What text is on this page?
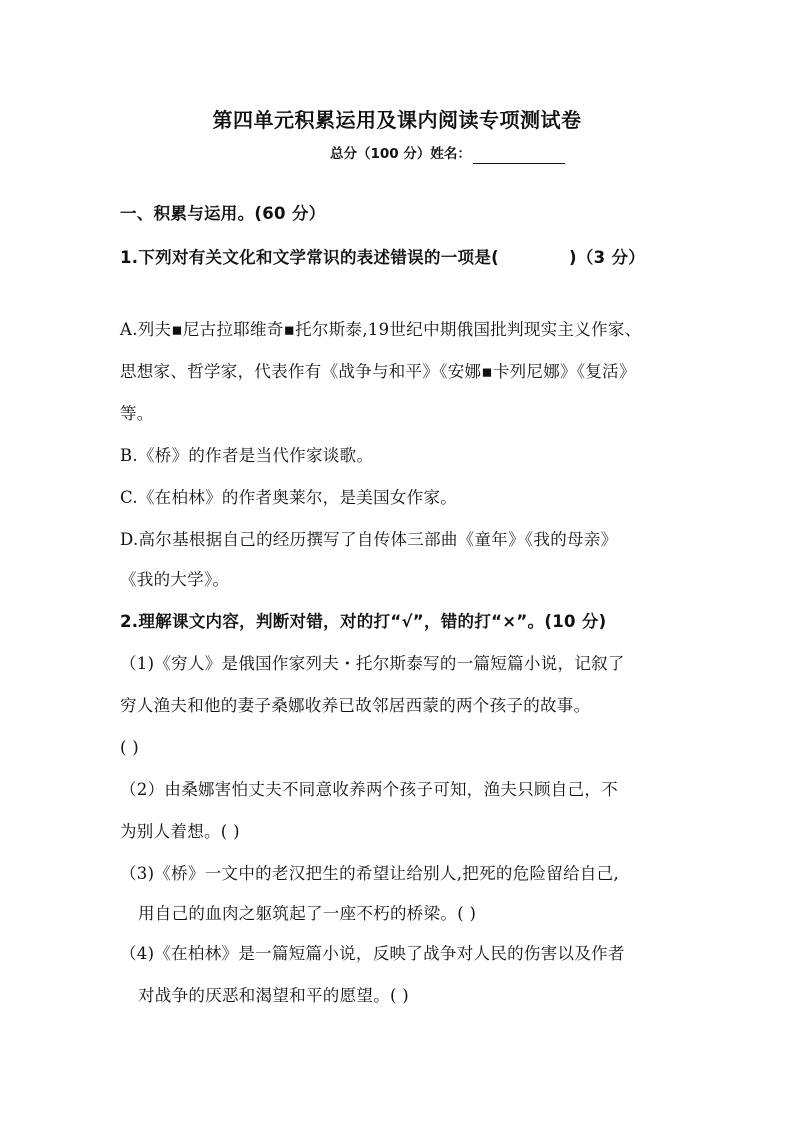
第四单元积累运用及课内阅读专项测试卷
总分（100 分）姓名：
一、积累与运用。(60 分）
1.下列对有关文化和文学常识的表述错误的一项是(	)（3 分）
A.列夫▪尼古拉耶维奇▪托尔斯泰,19世纪中期俄国批判现实主义作家、
思想家、哲学家，代表作有《战争与和平》《安娜▪卡列尼娜》《复活》
等。
B.《桥》的作者是当代作家谈歌。
C.《在柏林》的作者奥莱尔，是美国女作家。
D.高尔基根据自己的经历撰写了自传体三部曲《童年》《我的母亲》
《我的大学》。
2.理解课文内容，判断对错，对的打“√”，错的打“×”。(10 分)
（1)《穷人》是俄国作家列夫・托尔斯泰写的一篇短篇小说，记叙了
穷人渔夫和他的妻子桑娜收养已故邻居西蒙的两个孩子的故事。
( )
（2）由桑娜害怕丈夫不同意收养两个孩子可知，渔夫只顾自己，不
为别人着想。( )
（3)《桥》一文中的老汉把生的希望让给别人,把死的危险留给自己,
用自己的血肉之躯筑起了一座不朽的桥梁。( )
（4)《在柏林》是一篇短篇小说，反映了战争对人民的伤害以及作者
对战争的厌恶和渴望和平的愿望。( )
